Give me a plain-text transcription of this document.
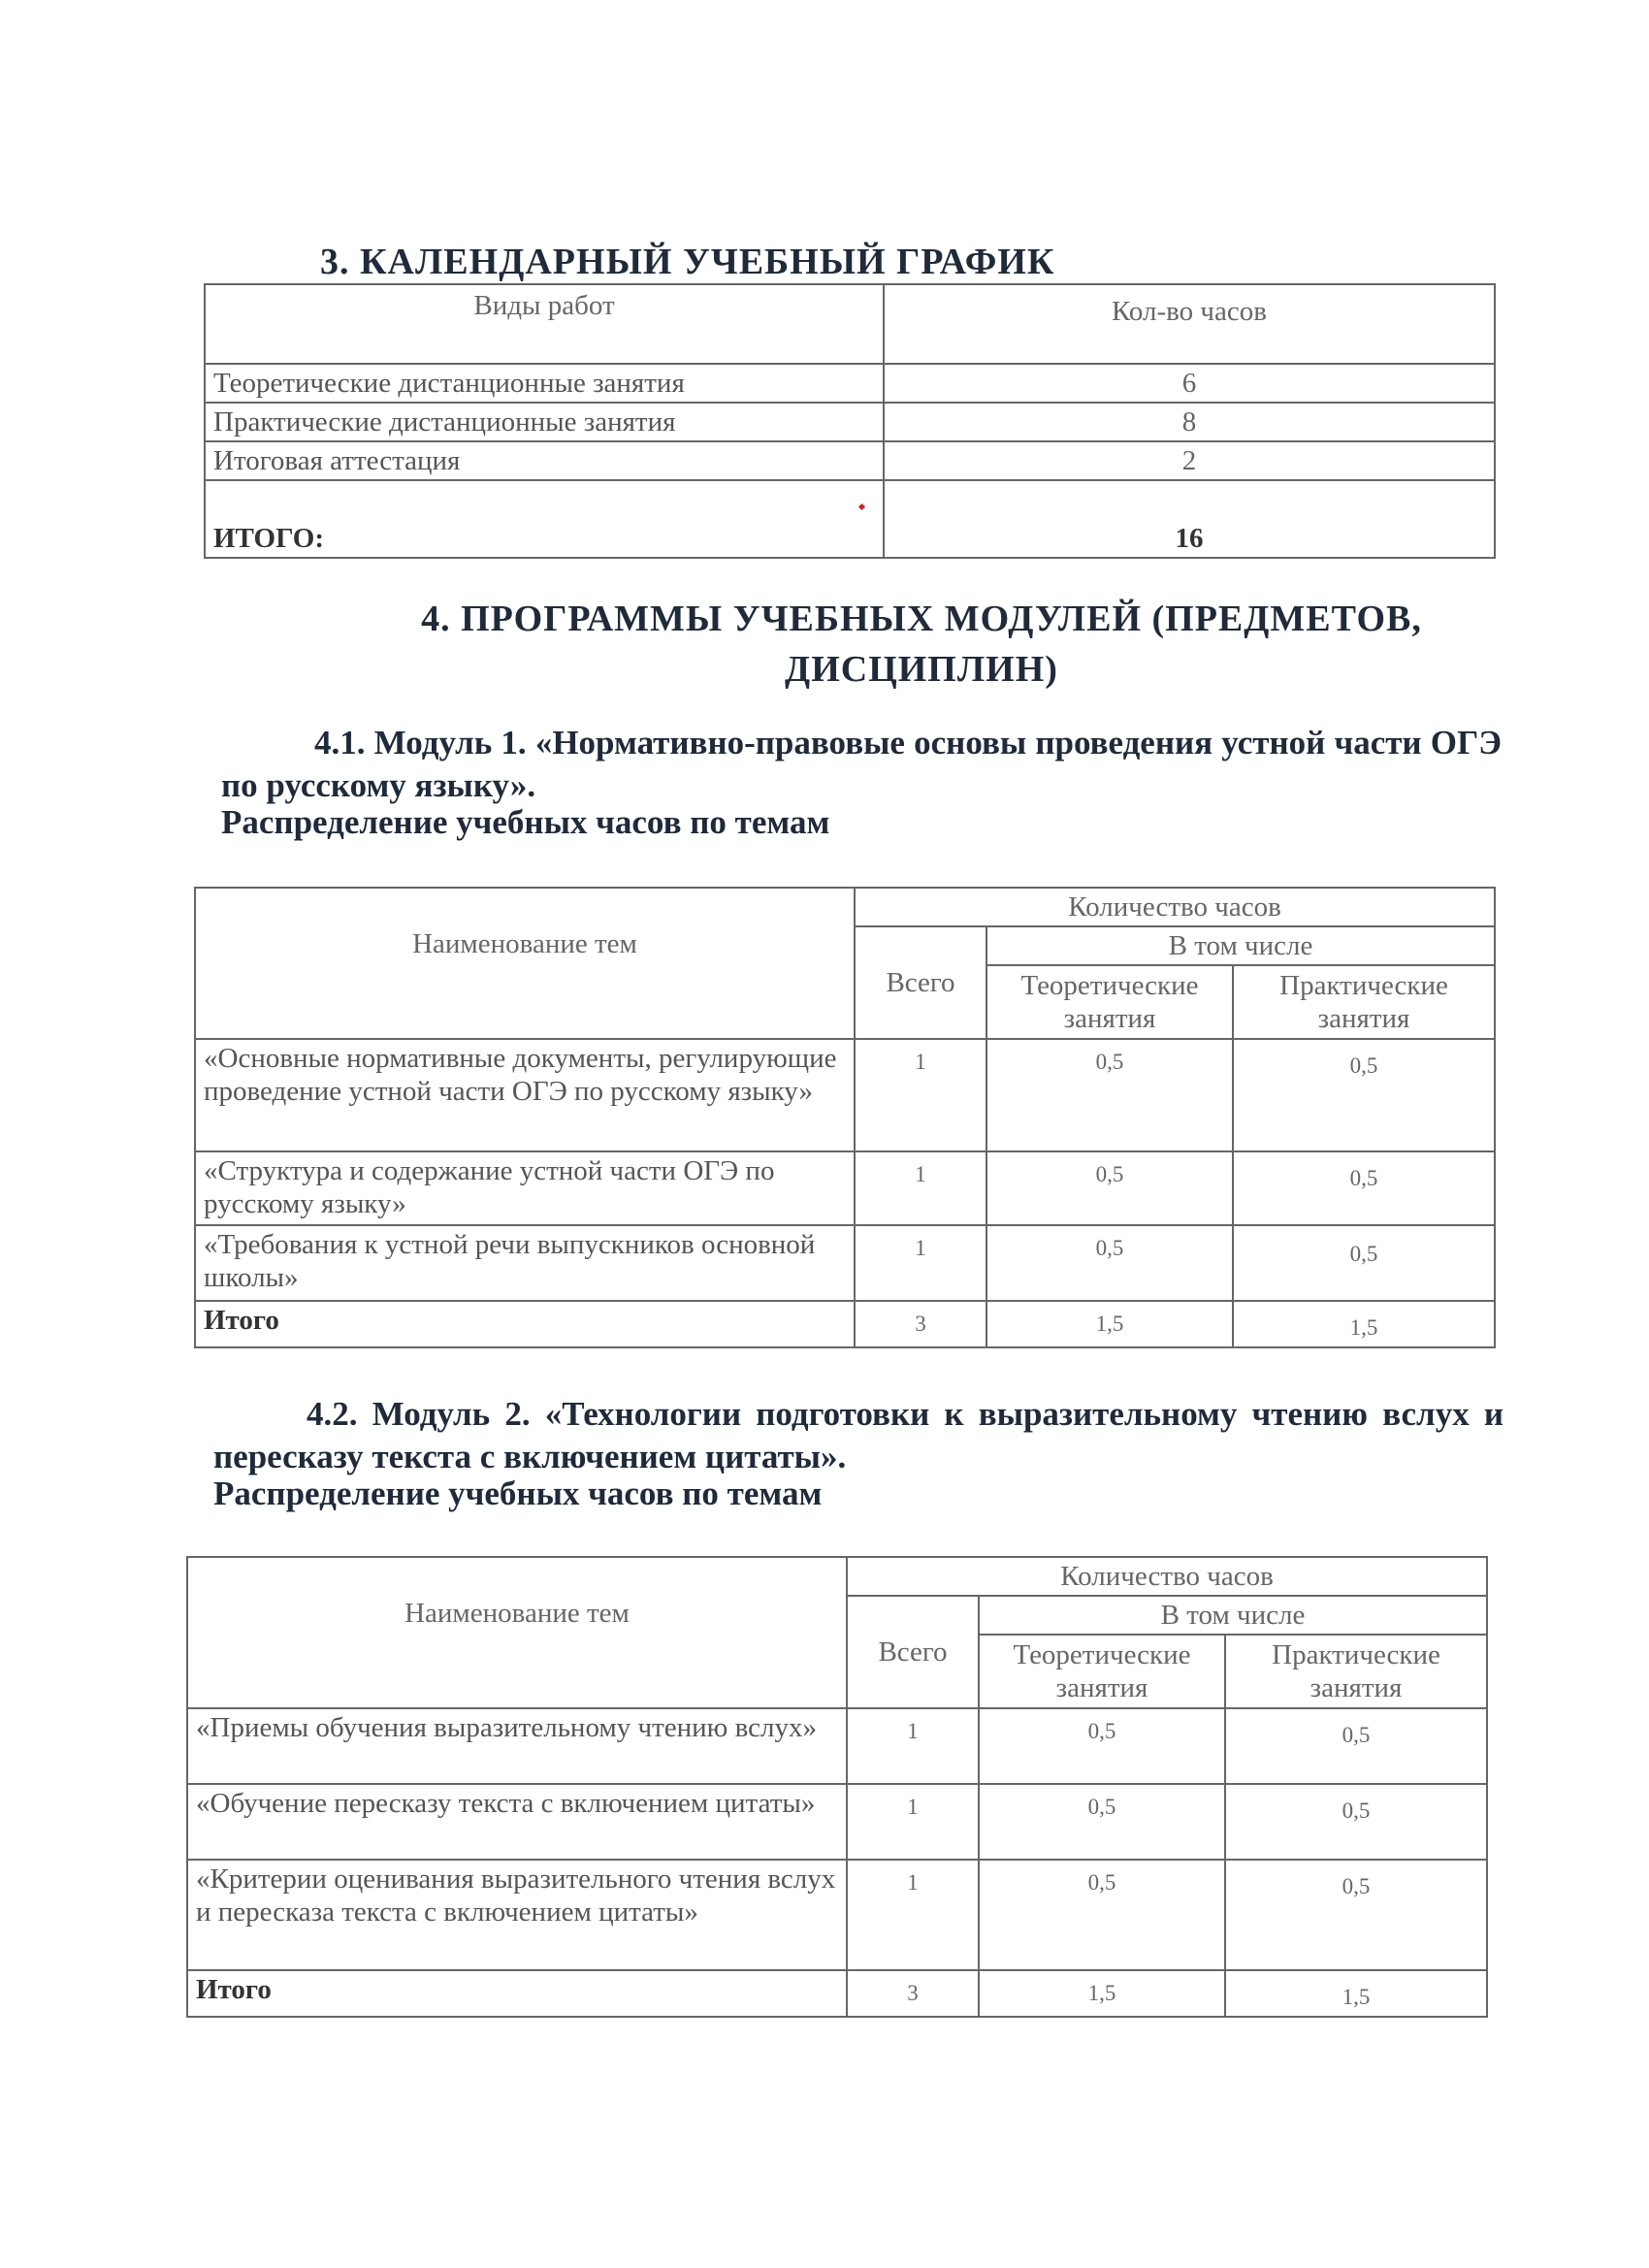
3. КАЛЕНДАРНЫЙ УЧЕБНЫЙ ГРАФИК
Виды работ	Кол-во часов
Теоретические дистанционные занятия	6
Практические дистанционные занятия	8
Итоговая аттестация	2
ИТОГО:	16
4. ПРОГРАММЫ УЧЕБНЫХ МОДУЛЕЙ (ПРЕДМЕТОВ,
ДИСЦИПЛИН)
4.1. Модуль 1. «Нормативно-правовые основы проведения устной части ОГЭ по русскому языку».
Распределение учебных часов по темам
Наименование тем	Количество часов		
	Всего	В том числе	
		Теоретические занятия	Практические занятия
«Основные нормативные документы, регулирующие проведение устной части ОГЭ по русскому языку»	1	0,5	0,5
«Структура и содержание устной части ОГЭ по русскому языку»	1	0,5	0,5
«Требования к устной речи выпускников основной школы»	1	0,5	0,5
Итого	3	1,5	1,5
4.2. Модуль 2. «Технологии подготовки к выразительному чтению вслух и пересказу текста с включением цитаты».
Распределение учебных часов по темам
Наименование тем	Количество часов		
	Всего	В том числе	
		Теоретические занятия	Практические занятия
«Приемы обучения выразительному чтению вслух»	1	0,5	0,5
«Обучение пересказу текста с включением цитаты»	1	0,5	0,5
«Критерии оценивания выразительного чтения вслух и пересказа текста с включением цитаты»	1	0,5	0,5
Итого	3	1,5	1,5
